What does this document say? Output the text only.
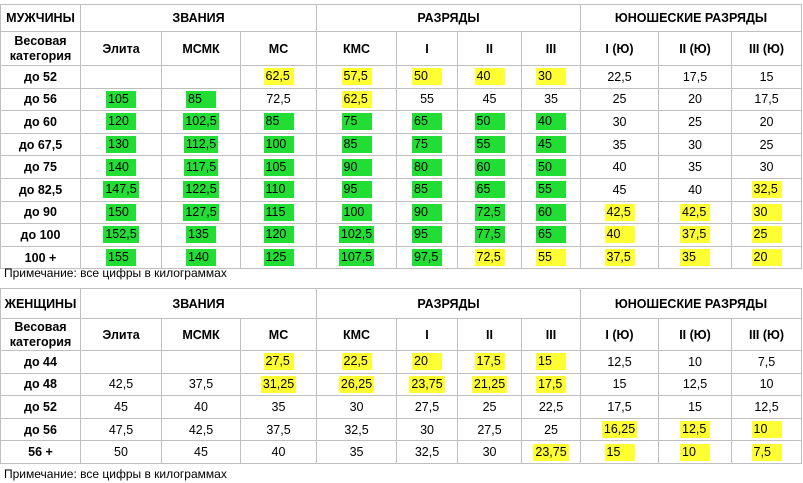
МУЖЧИНЫ	ЗВАНИЯ			РАЗРЯДЫ				ЮНОШЕСКИЕ РАЗРЯДЫ		
Весовая категория	Элита	МСМК	МС	КМС	I	II	III	I (Ю)	II (Ю)	III (Ю)
до 52			62,5	57,5	50	40	30	22,5	17,5	15
до 56	105	85	72,5	62,5	55	45	35	25	20	17,5
до 60	120	102,5	85	75	65	50	40	30	25	20
до 67,5	130	112,5	100	85	75	55	45	35	30	25
до 75	140	117,5	105	90	80	60	50	40	35	30
до 82,5	147,5	122,5	110	95	85	65	55	45	40	32,5
до 90	150	127,5	115	100	90	72,5	60	42,5	42,5	30
до 100	152,5	135	120	102,5	95	77,5	65	40	37,5	25
100 +	155	140	125	107,5	97,5	72,5	55	37,5	35	20
Примечание: все цифры в килограммах
ЖЕНЩИНЫ	ЗВАНИЯ			РАЗРЯДЫ				ЮНОШЕСКИЕ РАЗРЯДЫ		
Весовая категория	Элита	МСМК	МС	КМС	I	II	III	I (Ю)	II (Ю)	III (Ю)
до 44			27,5	22,5	20	17,5	15	12,5	10	7,5
до 48	42,5	37,5	31,25	26,25	23,75	21,25	17,5	15	12,5	10
до 52	45	40	35	30	27,5	25	22,5	17,5	15	12,5
до 56	47,5	42,5	37,5	32,5	30	27,5	25	16,25	12,5	10
56 +	50	45	40	35	32,5	30	23,75	15	10	7,5
Примечание: все цифры в килограммах
